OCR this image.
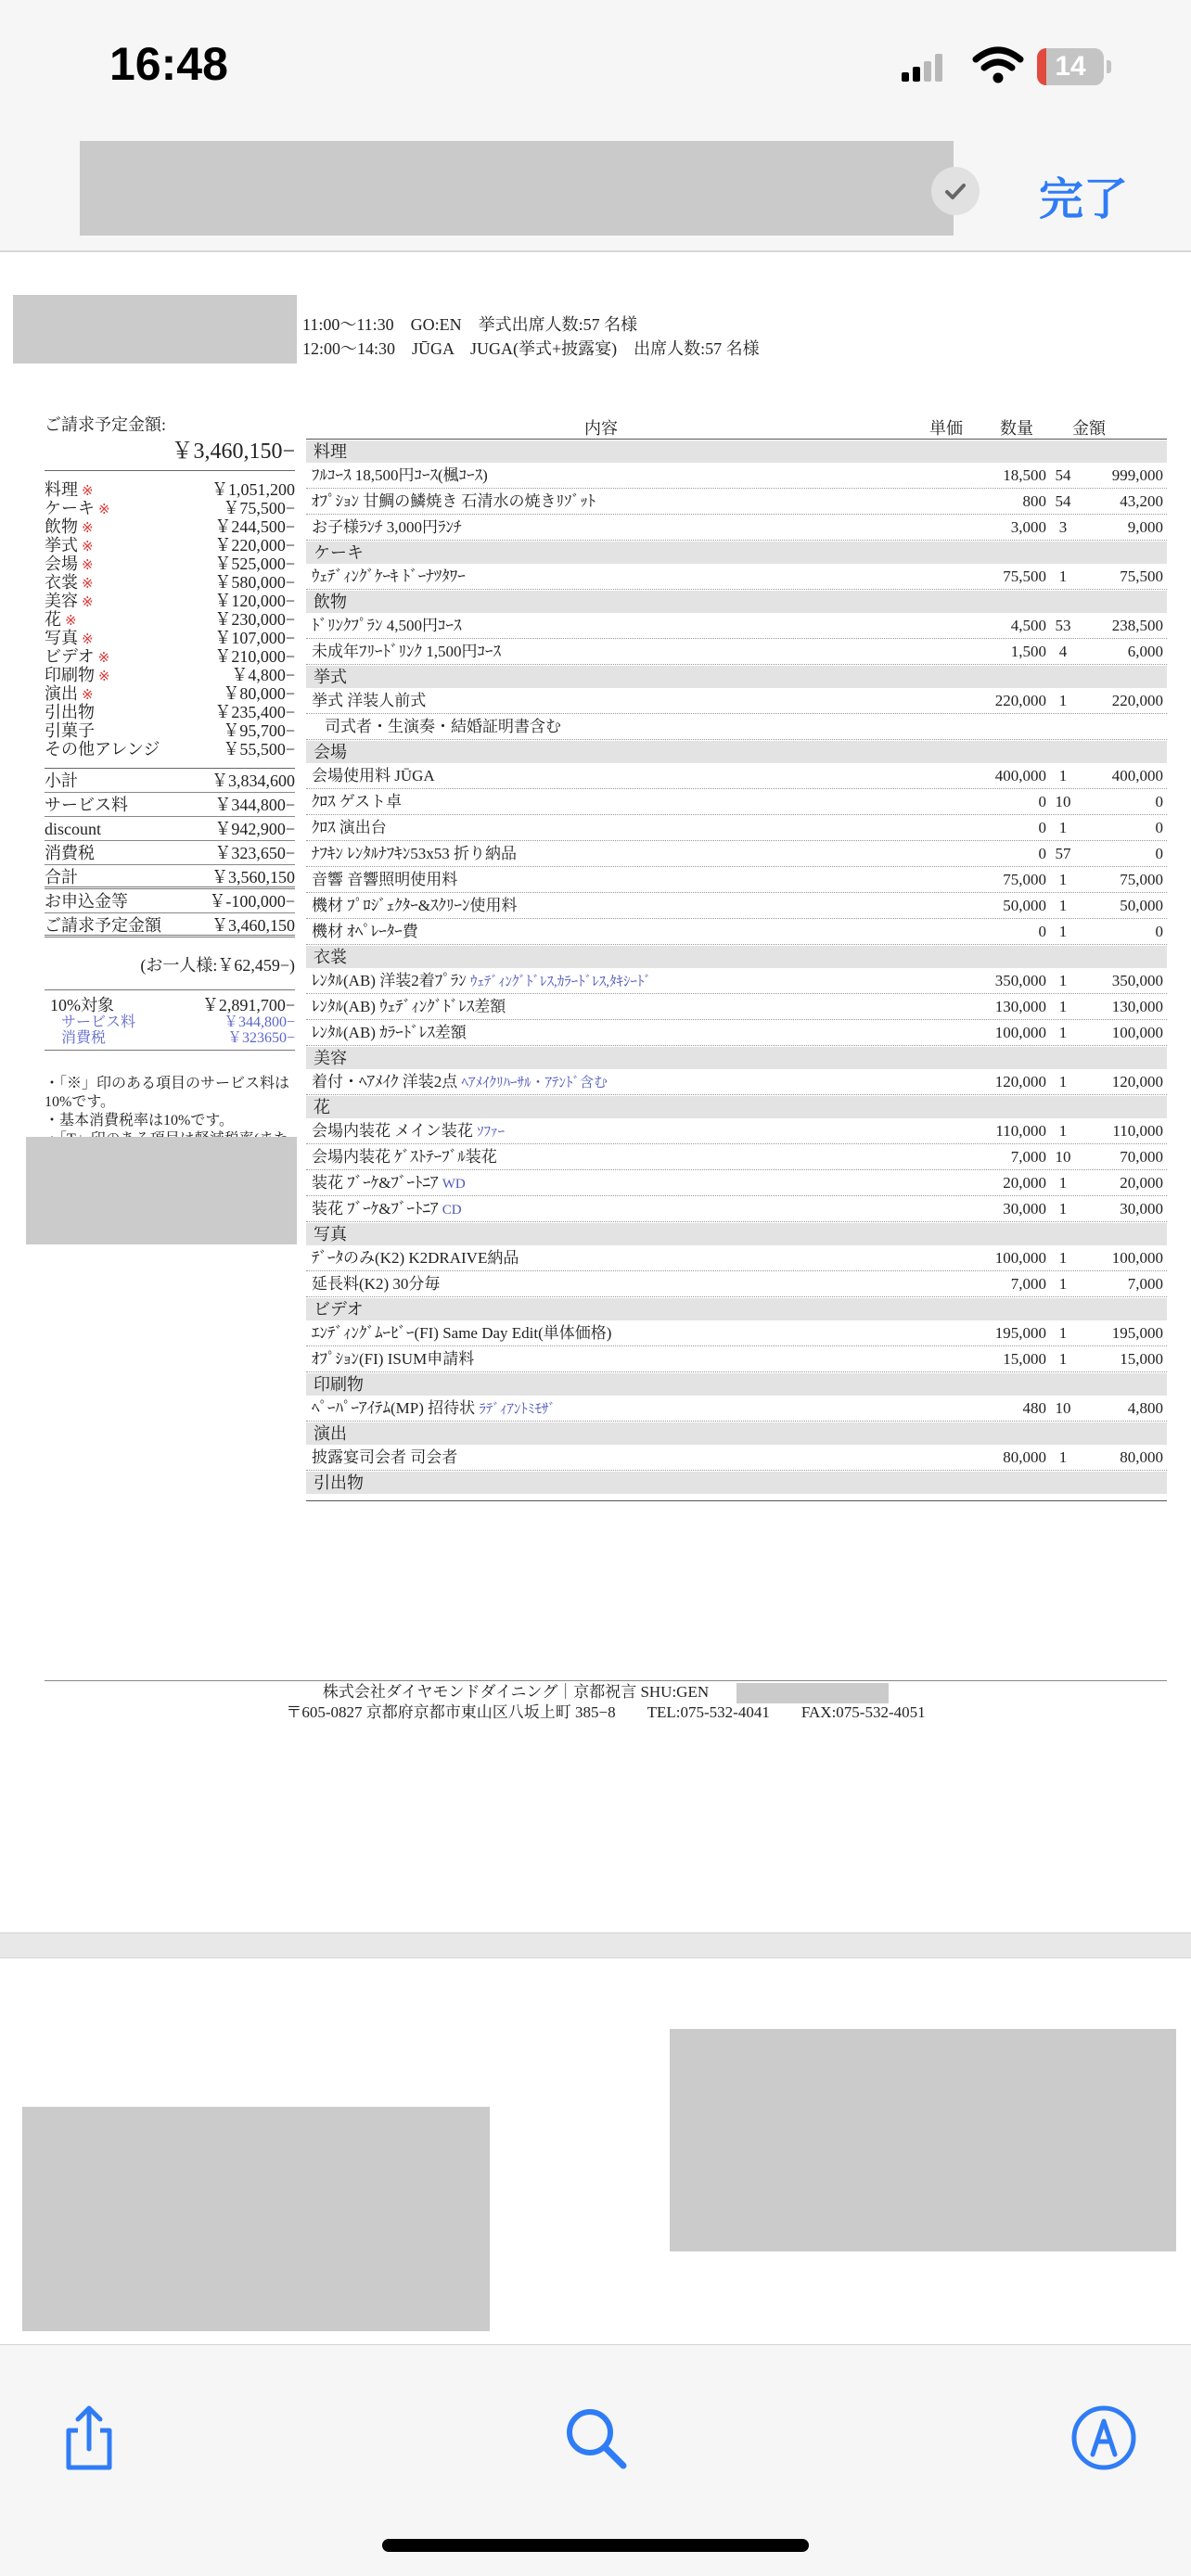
16:48	14
完了
11:00〜11:30　GO:EN　挙式出席人数:57 名様
12:00〜14:30　JŪGA　JUGA(挙式+披露宴)　出席人数:57 名様
ご請求予定金額:
￥3,460,150−
料理 ※	￥1,051,200
ケーキ ※	￥75,500−
飲物 ※	￥244,500−
挙式 ※	￥220,000−
会場 ※	￥525,000−
衣裳 ※	￥580,000−
美容 ※	￥120,000−
花 ※	￥230,000−
写真 ※	￥107,000−
ビデオ ※	￥210,000−
印刷物 ※	￥4,800−
演出 ※	￥80,000−
引出物	￥235,400−
引菓子	￥95,700−
その他アレンジ	￥55,500−
小計	￥3,834,600
サービス料	￥344,800−
discount	￥942,900−
消費税	￥323,650−
合計	￥3,560,150
お申込金等	￥-100,000−
ご請求予定金額	￥3,460,150
(お一人様:￥62,459−)
10%対象	￥2,891,700−
サービス料	￥344,800−
消費税	￥323650−

・「※」印のある項目のサービス料は10%です。

・基本消費税率は10%です。

内容	単価 数量 金額
料理
ﾌﾙｺｰｽ 18,500円ｺｰｽ(楓ｺｰｽ)	18,500 54	999,000
ｵﾌﾟｼｮﾝ 甘鯛の鱗焼き 石清水の焼きﾘｿﾞｯﾄ	800 54	43,200
お子様ﾗﾝﾁ 3,000円ﾗﾝﾁ	3,000 3	9,000
ケーキ
ｳｪﾃﾞｨﾝｸﾞｹｰｷ ﾄﾞｰﾅﾂﾀﾜｰ	75,500 1	75,500
飲物
ﾄﾞﾘﾝｸﾌﾟﾗﾝ 4,500円ｺｰｽ	4,500 53	238,500
未成年ﾌﾘｰﾄﾞﾘﾝｸ 1,500円ｺｰｽ	1,500 4	6,000
挙式
挙式 洋装人前式	220,000 1	220,000
司式者・生演奏・結婚証明書含む
会場
会場使用料 JŪGA	400,000 1	400,000
ｸﾛｽ ゲスト卓	0 10	0
ｸﾛｽ 演出台	0 1	0
ﾅﾌｷﾝ ﾚﾝﾀﾙﾅﾌｷﾝ53x53 折り納品	0 57	0
音響 音響照明使用料	75,000 1	75,000
機材 ﾌﾟﾛｼﾞｪｸﾀｰ&ｽｸﾘｰﾝ使用料	50,000 1	50,000
機材 ｵﾍﾟﾚｰﾀｰ費	0 1	0
衣裳
ﾚﾝﾀﾙ(AB) 洋装2着ﾌﾟﾗﾝ ｳｪﾃﾞｨﾝｸﾞﾄﾞﾚｽ,ｶﾗｰﾄﾞﾚｽ,ﾀｷｼｰﾄﾞ	350,000 1	350,000
ﾚﾝﾀﾙ(AB) ｳｪﾃﾞｨﾝｸﾞﾄﾞﾚｽ差額	130,000 1	130,000
ﾚﾝﾀﾙ(AB) ｶﾗｰﾄﾞﾚｽ差額	100,000 1	100,000
美容
着付・ﾍｱﾒｲｸ 洋装2点 ﾍｱﾒｲｸﾘﾊｰｻﾙ・ｱﾃﾝﾄﾞ含む	120,000 1	120,000
花
会場内装花 メイン装花 ｿﾌｧｰ	110,000 1	110,000
会場内装花 ｹﾞｽﾄﾃｰﾌﾞﾙ装花	7,000 10	70,000
装花 ﾌﾞｰｹ&ﾌﾞｰﾄﾆｱ WD	20,000 1	20,000
装花 ﾌﾞｰｹ&ﾌﾞｰﾄﾆｱ CD	30,000 1	30,000
写真
ﾃﾞｰﾀのみ(K2) K2DRAIVE納品	100,000 1	100,000
延長料(K2) 30分毎	7,000 1	7,000
ビデオ
ｴﾝﾃﾞｨﾝｸﾞﾑｰﾋﾞｰ(FI) Same Day Edit(単体価格)	195,000 1	195,000
ｵﾌﾟｼｮﾝ(FI) ISUM申請料	15,000 1	15,000
印刷物
ﾍﾟｰﾊﾟｰｱｲﾃﾑ(MP) 招待状 ﾗﾃﾞｨｱﾝﾄﾐﾓｻﾞ	480 10	4,800
演出
披露宴司会者 司会者	80,000 1	80,000
引出物
株式会社ダイヤモンドダイニング｜京都祝言 SHU:GEN
〒605-0827 京都府京都市東山区八坂上町 385−8　　TEL:075-532-4041　　FAX:075-532-4051
